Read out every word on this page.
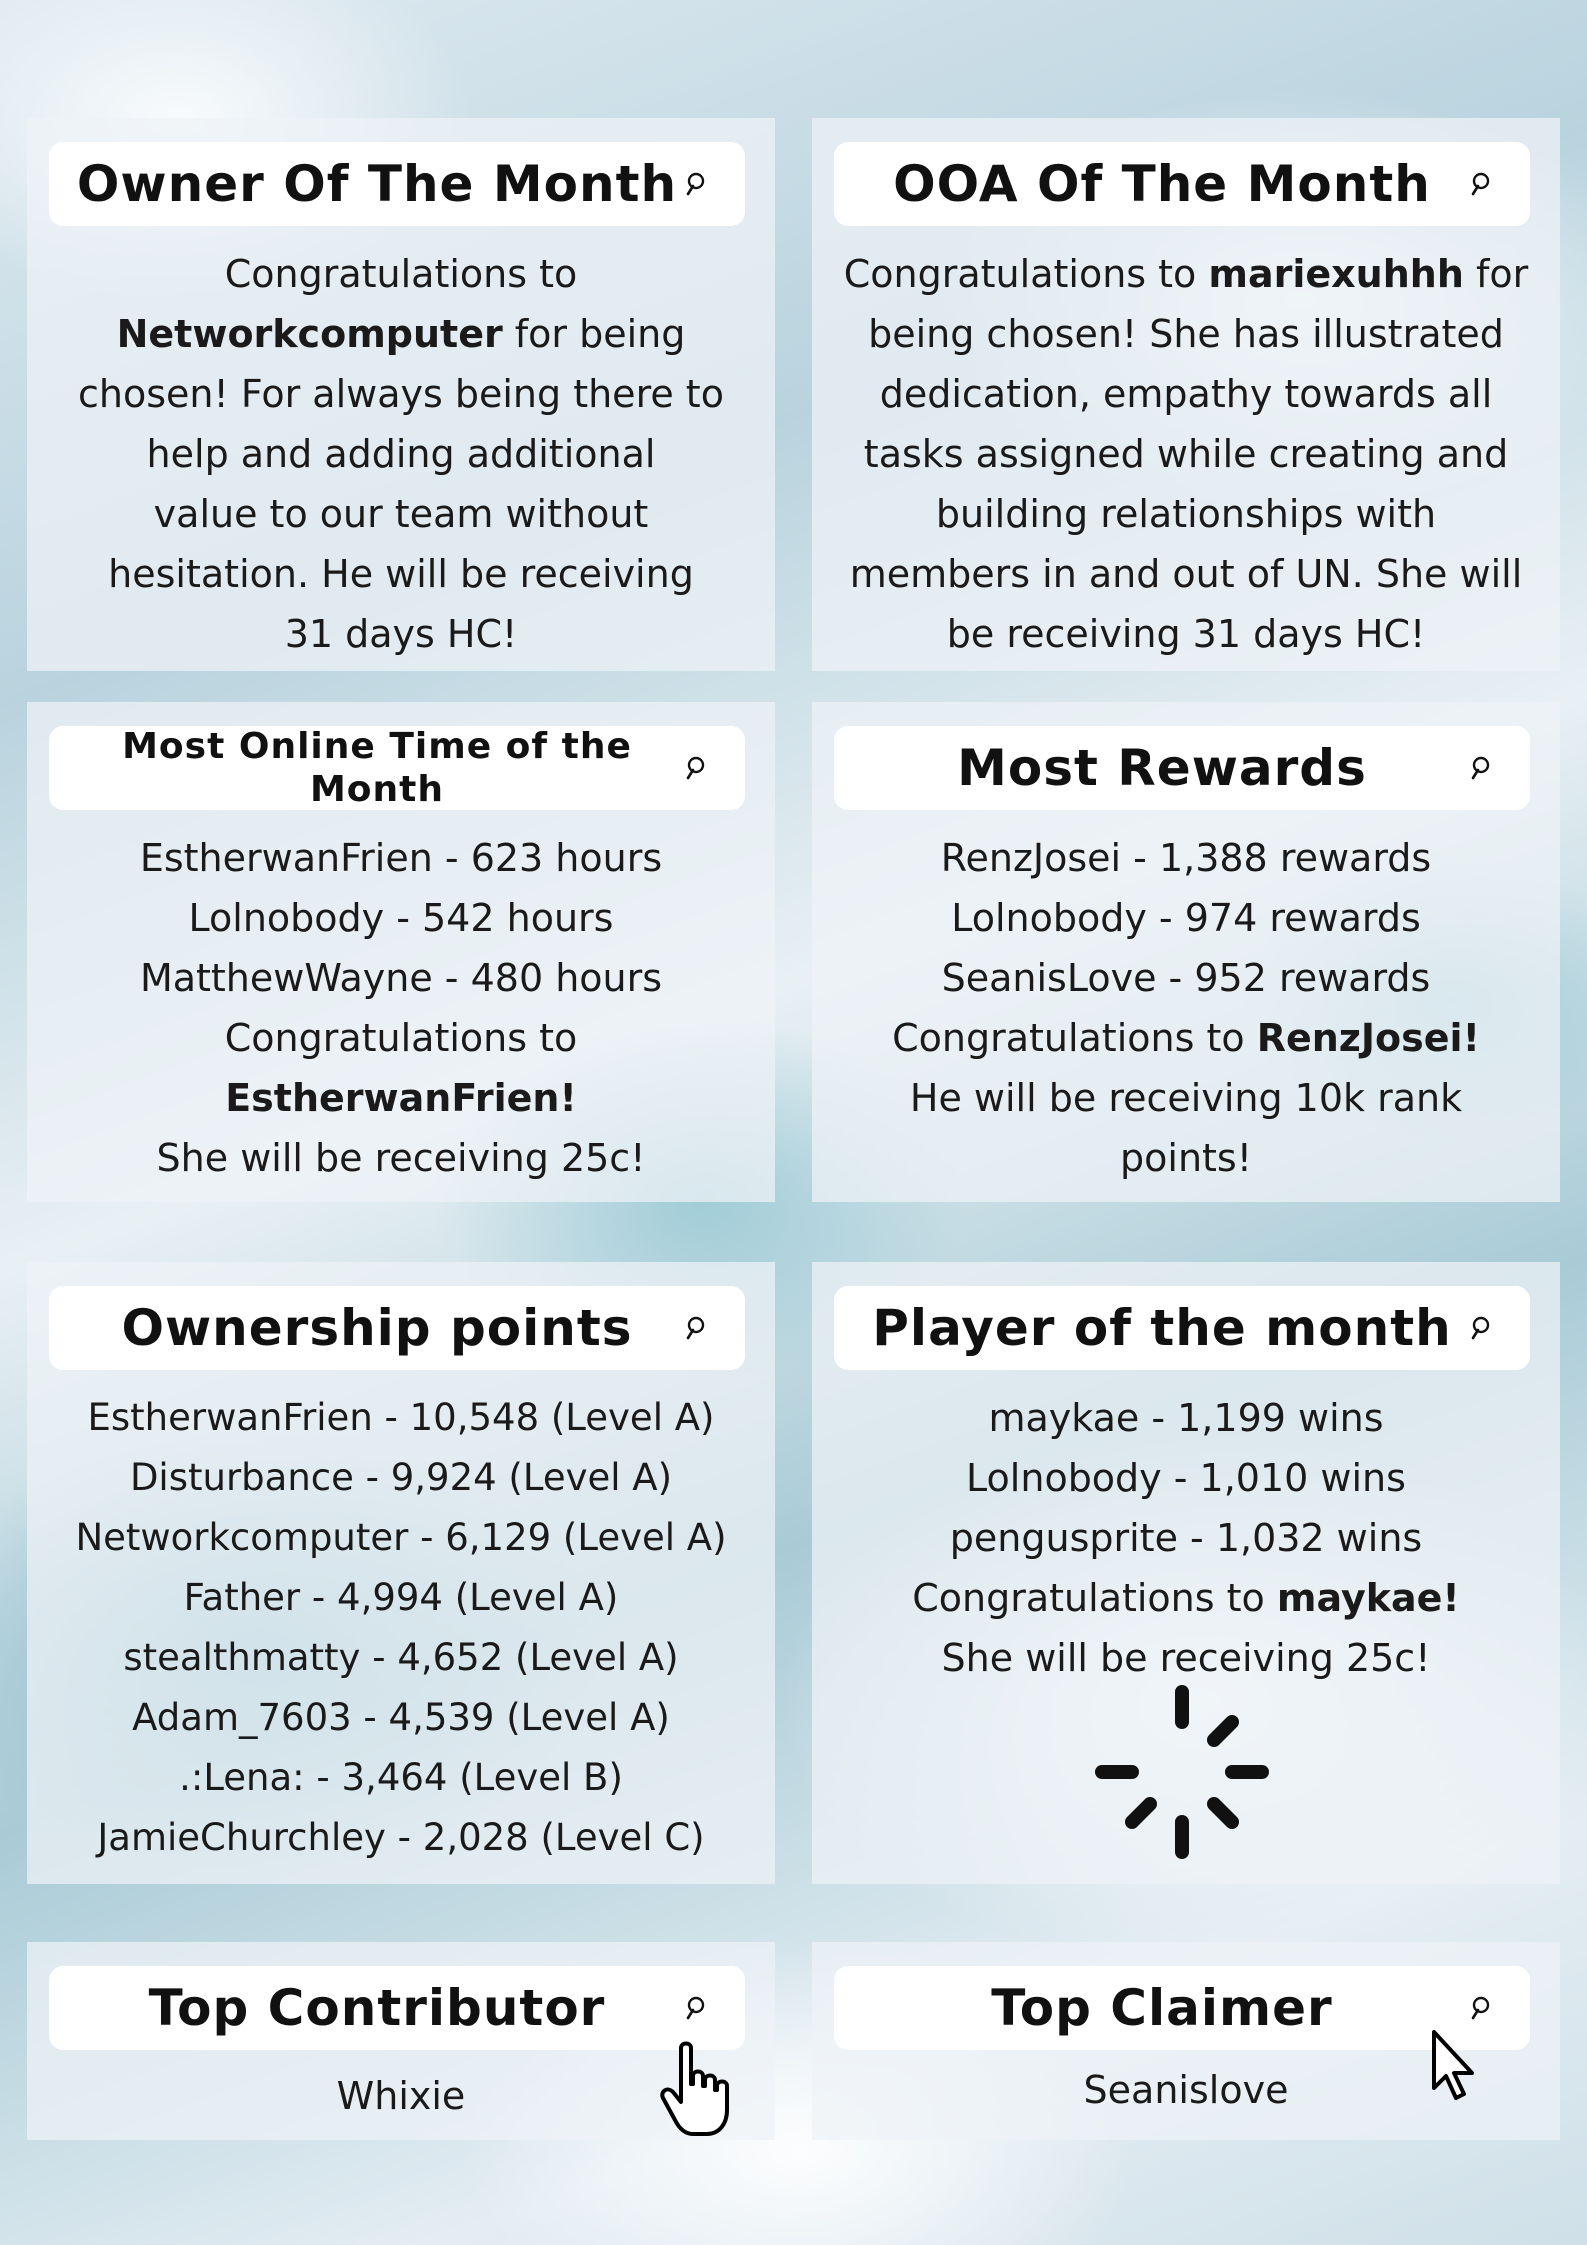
Owner Of The Month
Congratulations to
Networkcomputer for being
chosen! For always being there to
help and adding additional
value to our team without
hesitation. He will be receiving
31 days HC!
OOA Of The Month
Congratulations to mariexuhhh for
being chosen! She has illustrated
dedication, empathy towards all
tasks assigned while creating and
building relationships with
members in and out of UN. She will
be receiving 31 days HC!
Most Online Time of the Month
EstherwanFrien - 623 hours
Lolnobody - 542 hours
MatthewWayne - 480 hours
Congratulations to
EstherwanFrien!
She will be receiving 25c!
Most Rewards
RenzJosei - 1,388 rewards
Lolnobody - 974 rewards
SeanisLove - 952 rewards
Congratulations to RenzJosei!
He will be receiving 10k rank
points!
Ownership points
EstherwanFrien - 10,548 (Level A)
Disturbance - 9,924 (Level A)
Networkcomputer - 6,129 (Level A)
Father - 4,994 (Level A)
stealthmatty - 4,652 (Level A)
Adam_7603 - 4,539 (Level A)
.:Lena: - 3,464 (Level B)
JamieChurchley - 2,028 (Level C)
Player of the month
maykae - 1,199 wins
Lolnobody - 1,010 wins
pengusprite - 1,032 wins
Congratulations to maykae!
She will be receiving 25c!
Top Contributor
Whixie
Top Claimer
Seanislove
